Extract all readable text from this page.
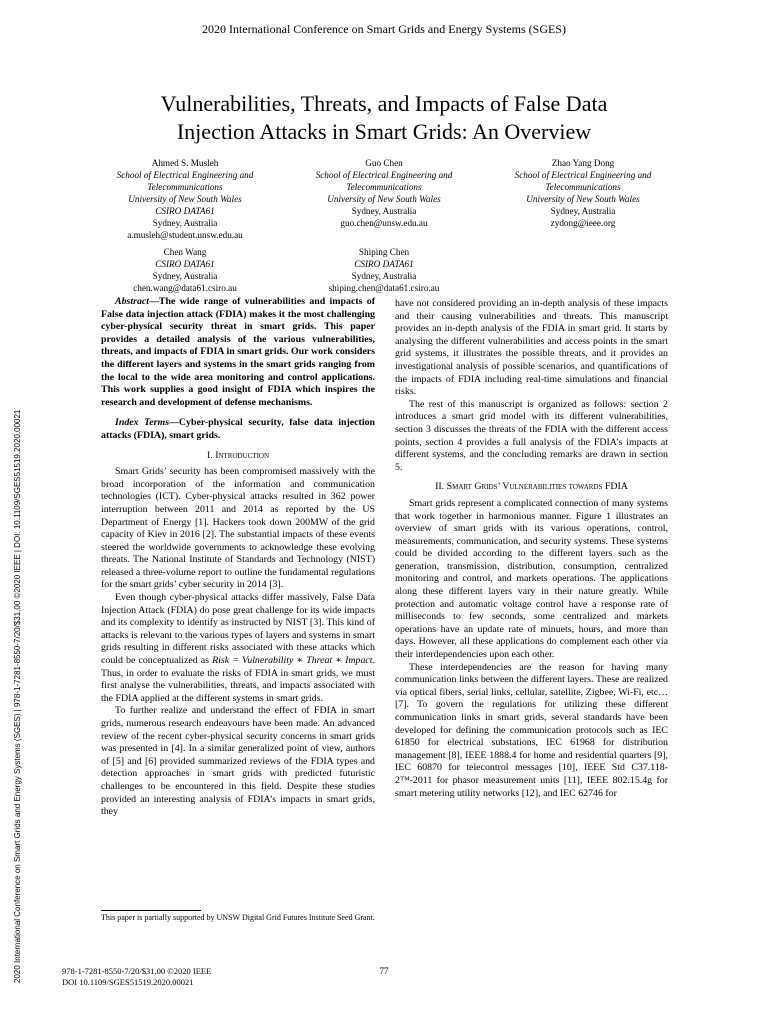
2020 International Conference on Smart Grids and Energy Systems (SGES)
Vulnerabilities, Threats, and Impacts of False Data
Injection Attacks in Smart Grids: An Overview
Ahmed S. Musleh
School of Electrical Engineering and
Telecommunications
University of New South Wales
CSIRO DATA61
Sydney, Australia
a.musleh@student.unsw.edu.au
Guo Chen
School of Electrical Engineering and
Telecommunications
University of New South Wales
Sydney, Australia
guo.chen@unsw.edu.au
Zhao Yang Dong
School of Electrical Engineering and
Telecommunications
University of New South Wales
Sydney, Australia
zydong@ieee.org
Chen Wang
CSIRO DATA61
Sydney, Australia
chen.wang@data61.csiro.au
Shiping Chen
CSIRO DATA61
Sydney, Australia
shiping.chen@data61.csiro.au
2020 International Conference on Smart Grids and Energy Systems (SGES) | 978-1-7281-8550-7/20/$31.00 ©2020 IEEE | DOI: 10.1109/SGES51519.2020.00021

Abstract—The wide range of vulnerabilities and impacts of False data injection attack (FDIA) makes it the most challenging cyber-physical security threat in smart grids. This paper provides a detailed analysis of the various vulnerabilities, threats, and impacts of FDIA in smart grids. Our work considers the different layers and systems in the smart grids ranging from the local to the wide area monitoring and control applications. This work supplies a good insight of FDIA which inspires the research and development of defense mechanisms.

Index Terms—Cyber-physical security, false data injection attacks (FDIA), smart grids.

I. Introduction

Smart Grids’ security has been compromised massively with the broad incorporation of the information and communication technologies (ICT). Cyber-physical attacks resulted in 362 power interruption between 2011 and 2014 as reported by the US Department of Energy [1]. Hackers took down 200MW of the grid capacity of Kiev in 2016 [2]. The substantial impacts of these events steered the worldwide governments to acknowledge these evolving threats. The National Institute of Standards and Technology (NIST) released a three-volume report to outline the fundamental regulations for the smart grids’ cyber security in 2014 [3].

Even though cyber-physical attacks differ massively, False Data Injection Attack (FDIA) do pose great challenge for its wide impacts and its complexity to identify as instructed by NIST [3]. This kind of attacks is relevant to the various types of layers and systems in smart grids resulting in different risks associated with these attacks which could be conceptualized as Risk = Vulnerability ∗ Threat ∗ Impact. Thus, in order to evaluate the risks of FDIA in smart grids, we must first analyse the vulnerabilities, threats, and impacts associated with the FDIA applied at the different systems in smart grids.

To further realize and understand the effect of FDIA in smart grids, numerous research endeavours have been made. An advanced review of the recent cyber-physical security concerns in smart grids was presented in [4]. In a similar generalized point of view, authors of [5] and [6] provided summarized reviews of the FDIA types and detection approaches in smart grids with predicted futuristic challenges to be encountered in this field. Despite these studies provided an interesting analysis of FDIA’s impacts in smart grids, they

have not considered providing an in-depth analysis of these impacts and their causing vulnerabilities and threats. This manuscript provides an in-depth analysis of the FDIA in smart grid. It starts by analysing the different vulnerabilities and access points in the smart grid systems, it illustrates the possible threats, and it provides an investigational analysis of possible scenarios, and quantifications of the impacts of FDIA including real-time simulations and financial risks.

The rest of this manuscript is organized as follows: section 2 introduces a smart grid model with its different vulnerabilities, section 3 discusses the threats of the FDIA with the different access points, section 4 provides a full analysis of the FDIA’s impacts at different systems, and the concluding remarks are drawn in section 5.

II. Smart Grids’ Vulnerabilities towards FDIA

Smart grids represent a complicated connection of many systems that work together in harmonious manner. Figure 1 illustrates an overview of smart grids with its various operations, control, measurements, communication, and security systems. These systems could be divided according to the different layers such as the generation, transmission, distribution, consumption, centralized monitoring and control, and markets operations. The applications along these different layers vary in their nature greatly. While protection and automatic voltage control have a response rate of milliseconds to few seconds, some centralized and markets operations have an update rate of minuets, hours, and more than days. However, all these applications do complement each other via their interdependencies upon each other.

These interdependencies are the reason for having many communication links between the different layers. These are realized via optical fibers, serial links, cellular, satellite, Zigbee, Wi-Fi, etc… [7]. To govern the regulations for utilizing these different communication links in smart grids, several standards have been developed for defining the communication protocols such as IEC 61850 for electrical substations, IEC 61968 for distribution management [8], IEEE 1888.4 for home and residential quarters [9], IEC 60870 for telecontrol messages [10], IEEE Std C37.118-2™-2011 for phasor measurement units [11], IEEE 802.15.4g for smart metering utility networks [12], and IEC 62746 for

This paper is partially supported by UNSW Digital Grid Futures Institute Seed Grant.
978-1-7281-8550-7/20/$31.00 ©2020 IEEE
DOI 10.1109/SGES51519.2020.00021
77
